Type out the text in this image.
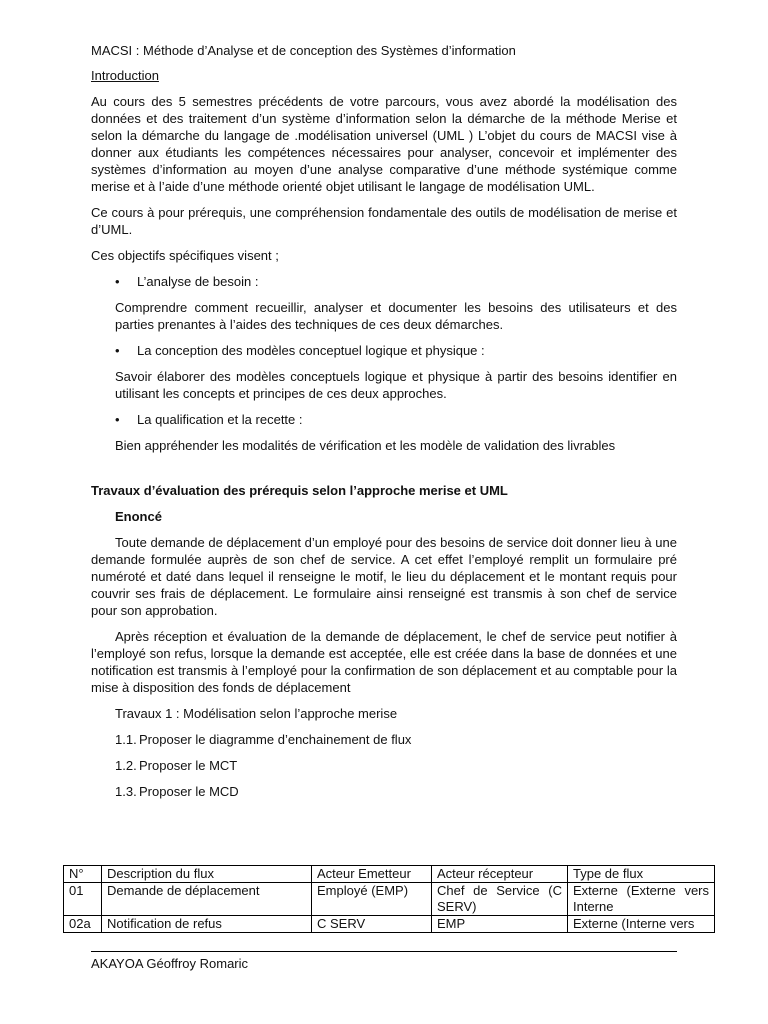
MACSI : Méthode d’Analyse et de conception des Systèmes d’information

Introduction

Au cours des 5 semestres précédents de votre parcours, vous avez abordé la modélisation des données et des traitement d’un système d’information selon la démarche de la méthode Merise et selon la démarche du langage de .modélisation universel (UML ) L’objet du cours de MACSI vise à donner aux étudiants les compétences nécessaires pour analyser, concevoir et implémenter des systèmes d’information au moyen d’une analyse comparative d’une méthode systémique comme merise et à l’aide d’une méthode orienté objet utilisant le langage de modélisation UML.

Ce cours à pour prérequis, une compréhension fondamentale des outils de modélisation de merise et d’UML.

Ces objectifs spécifiques visent ;

• L’analyse de besoin :

Comprendre comment recueillir, analyser et documenter les besoins des utilisateurs et des parties prenantes à l’aides des techniques de ces deux démarches.

• La conception des modèles conceptuel logique et physique :

Savoir élaborer des modèles conceptuels logique et physique à partir des besoins identifier en utilisant les concepts et principes de ces deux approches.

• La qualification et la recette :

Bien appréhender les modalités de vérification et les modèle de validation des livrables

Travaux d’évaluation des prérequis selon l’approche merise et UML

Enoncé

Toute demande de déplacement d’un employé pour des besoins de service doit donner lieu à une demande formulée auprès de son chef de service. A cet effet l’employé remplit un formulaire pré numéroté et daté dans lequel il renseigne le motif, le lieu du déplacement et le montant requis pour couvrir ses frais de déplacement. Le formulaire ainsi renseigné est transmis à son chef de service pour son approbation.

Après réception et évaluation de la demande de déplacement, le chef de service peut notifier à l’employé son refus, lorsque la demande est acceptée, elle est créée dans la base de données et une notification est transmis à l’employé pour la confirmation de son déplacement et au comptable pour la mise à disposition des fonds de déplacement

Travaux 1 : Modélisation selon l’approche merise

1.1. Proposer le diagramme d’enchainement de flux

1.2. Proposer le MCT

1.3. Proposer le MCD

N°	Description du flux	Acteur Emetteur	Acteur récepteur	Type de flux
01	Demande de déplacement	Employé (EMP)	Chef de Service (C SERV)	Externe (Externe vers Interne
02a	Notification de refus	C SERV	EMP	Externe (Interne vers

AKAYOA Géoffroy Romaric
